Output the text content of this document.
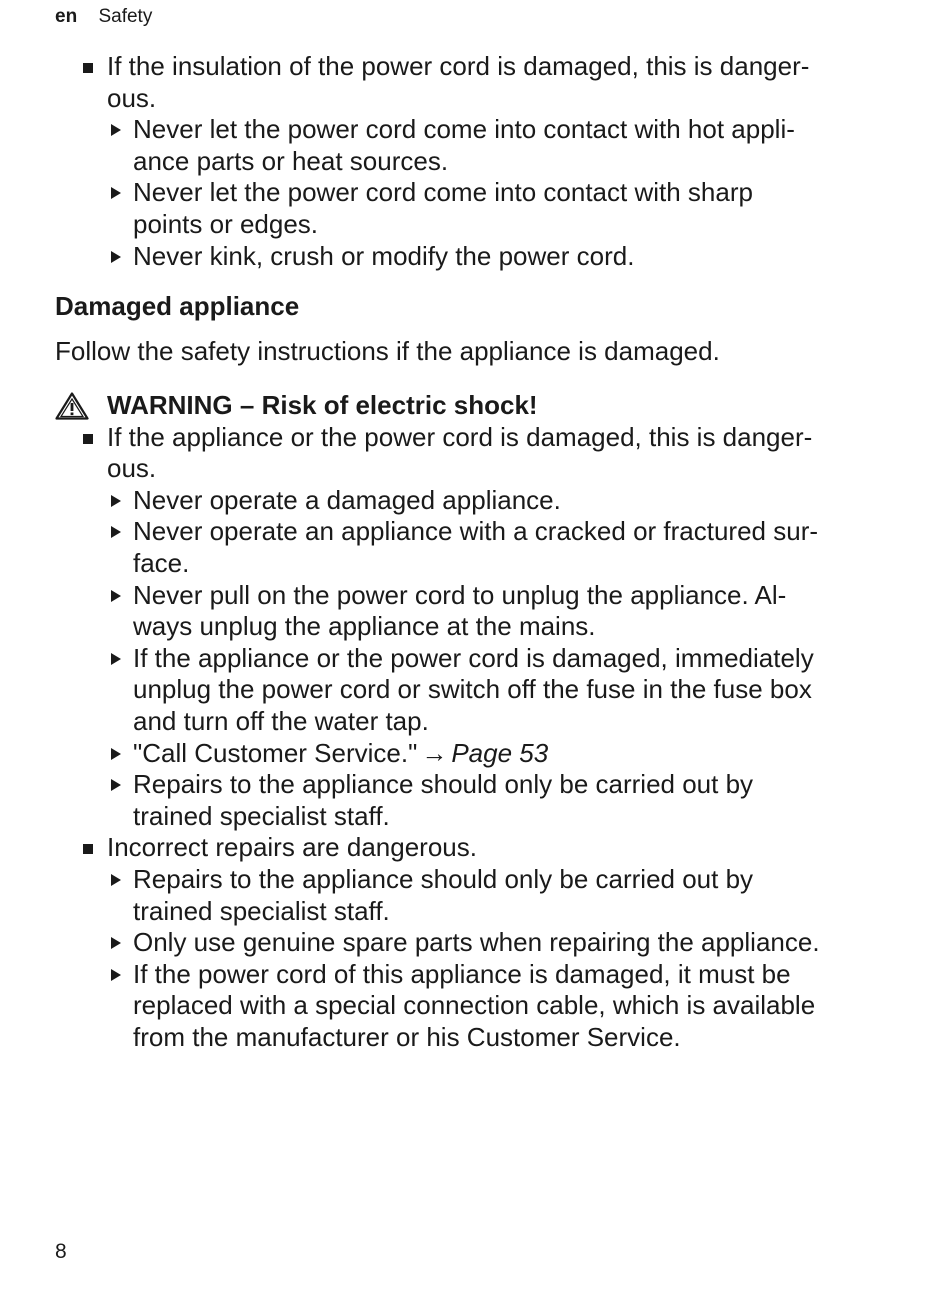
en Safety
If the insulation of the power cord is damaged, this is danger-
ous.
Never let the power cord come into contact with hot appli-
ance parts or heat sources.
Never let the power cord come into contact with sharp
points or edges.
Never kink, crush or modify the power cord.
Damaged appliance
Follow the safety instructions if the appliance is damaged.
WARNING – Risk of electric shock!
If the appliance or the power cord is damaged, this is danger-
ous.
Never operate a damaged appliance.
Never operate an appliance with a cracked or fractured sur-
face.
Never pull on the power cord to unplug the appliance. Al-
ways unplug the appliance at the mains.
If the appliance or the power cord is damaged, immediately
unplug the power cord or switch off the fuse in the fuse box
and turn off the water tap.
"Call Customer Service." → Page 53
Repairs to the appliance should only be carried out by
trained specialist staff.
Incorrect repairs are dangerous.
Repairs to the appliance should only be carried out by
trained specialist staff.
Only use genuine spare parts when repairing the appliance.
If the power cord of this appliance is damaged, it must be
replaced with a special connection cable, which is available
from the manufacturer or his Customer Service.
8
